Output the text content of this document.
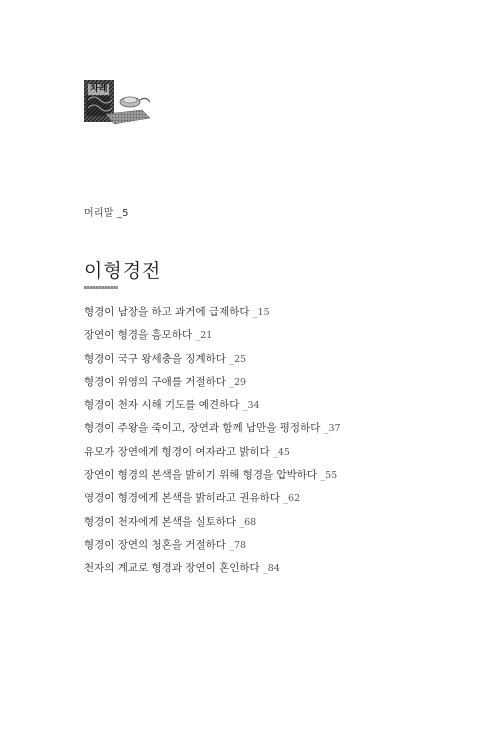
차례
머리말 _5
이형경전
형경이 남장을 하고 과거에 급제하다 _15
장연이 형경을 흠모하다 _21
형경이 국구 왕세충을 징계하다 _25
형경이 위영의 구애를 거절하다 _29
형경이 천자 시해 기도를 예견하다 _34
형경이 주왕을 죽이고, 장연과 함께 남만을 평정하다 _37
유모가 장연에게 형경이 여자라고 밝히다 _45
장연이 형경의 본색을 밝히기 위해 형경을 압박하다 _55
영경이 형경에게 본색을 밝히라고 권유하다 _62
형경이 천자에게 본색을 실토하다 _68
형경이 장연의 청혼을 거절하다 _78
천자의 계교로 형경과 장연이 혼인하다 _84
